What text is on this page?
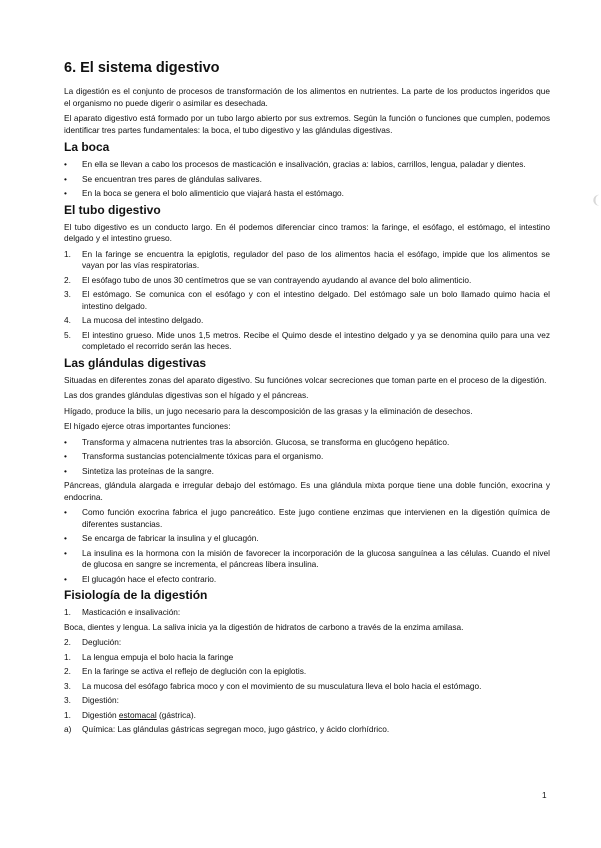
6. El sistema digestivo

La digestión es el conjunto de procesos de transformación de los alimentos en nutrientes. La parte de los productos ingeridos que el organismo no puede digerir o asimilar es desechada.

El aparato digestivo está formado por un tubo largo abierto por sus extremos. Según la función o funciones que cumplen, podemos identificar tres partes fundamentales: la boca, el tubo digestivo y las glándulas digestivas.

La boca
•	En ella se llevan a cabo los procesos de masticación e insalivación, gracias a: labios, carrillos, lengua, paladar y dientes.
•	Se encuentran tres pares de glándulas salivares.
•	En la boca se genera el bolo alimenticio que viajará hasta el estómago.
El tubo digestivo

El tubo digestivo es un conducto largo. En él podemos diferenciar cinco tramos: la faringe, el esófago, el estómago, el intestino delgado y el intestino grueso.

1.	En la faringe se encuentra la epiglotis, regulador del paso de los alimentos hacia el esófago, impide que los alimentos se vayan por las vías respiratorias.
2.	El esófago tubo de unos 30 centímetros que se van contrayendo ayudando al avance del bolo alimenticio.
3.	El estómago. Se comunica con el esófago y con el intestino delgado. Del estómago sale un bolo llamado quimo hacia el intestino delgado.
4.	La mucosa del intestino delgado.
5.	El intestino grueso. Mide unos 1,5 metros. Recibe el Quimo desde el intestino delgado y ya se denomina quilo para una vez completado el recorrido serán las heces.
Las glándulas digestivas

Situadas en diferentes zonas del aparato digestivo. Su funciónes volcar secreciones que toman parte en el proceso de la digestión.

Las dos grandes glándulas digestivas son el hígado y el páncreas.

Hígado, produce la bilis, un jugo necesario para la descomposición de las grasas y la eliminación de desechos.

El hígado ejerce otras importantes funciones:

•	Transforma y almacena nutrientes tras la absorción. Glucosa, se transforma en glucógeno hepático.
•	Transforma sustancias potencialmente tóxicas para el organismo.
•	Sintetiza las proteínas de la sangre.

Páncreas, glándula alargada e irregular debajo del estómago. Es una glándula mixta porque tiene una doble función, exocrina y endocrina.

•	Como función exocrina fabrica el jugo pancreático. Este jugo contiene enzimas que intervienen en la digestión química de diferentes sustancias.
•	Se encarga de fabricar la insulina y el glucagón.
•	La insulina es la hormona con la misión de favorecer la incorporación de la glucosa sanguínea a las células. Cuando el nivel de glucosa en sangre se incrementa, el páncreas libera insulina.
•	El glucagón hace el efecto contrario.
Fisiología de la digestión
1.	Masticación e insalivación:

Boca, dientes y lengua. La saliva inicia ya la digestión de hidratos de carbono a través de la enzima amilasa.

2.	Deglución:
1.	La lengua empuja el bolo hacia la faringe
2.	En la faringe se activa el reflejo de deglución con la epiglotis.
3.	La mucosa del esófago fabrica moco y con el movimiento de su musculatura lleva el bolo hacia el estómago.
3.	Digestión:
1.	Digestión estomacal (gástrica).
a)	Química: Las glándulas gástricas segregan moco, jugo gástrico, y ácido clorhídrico.
1
❨
